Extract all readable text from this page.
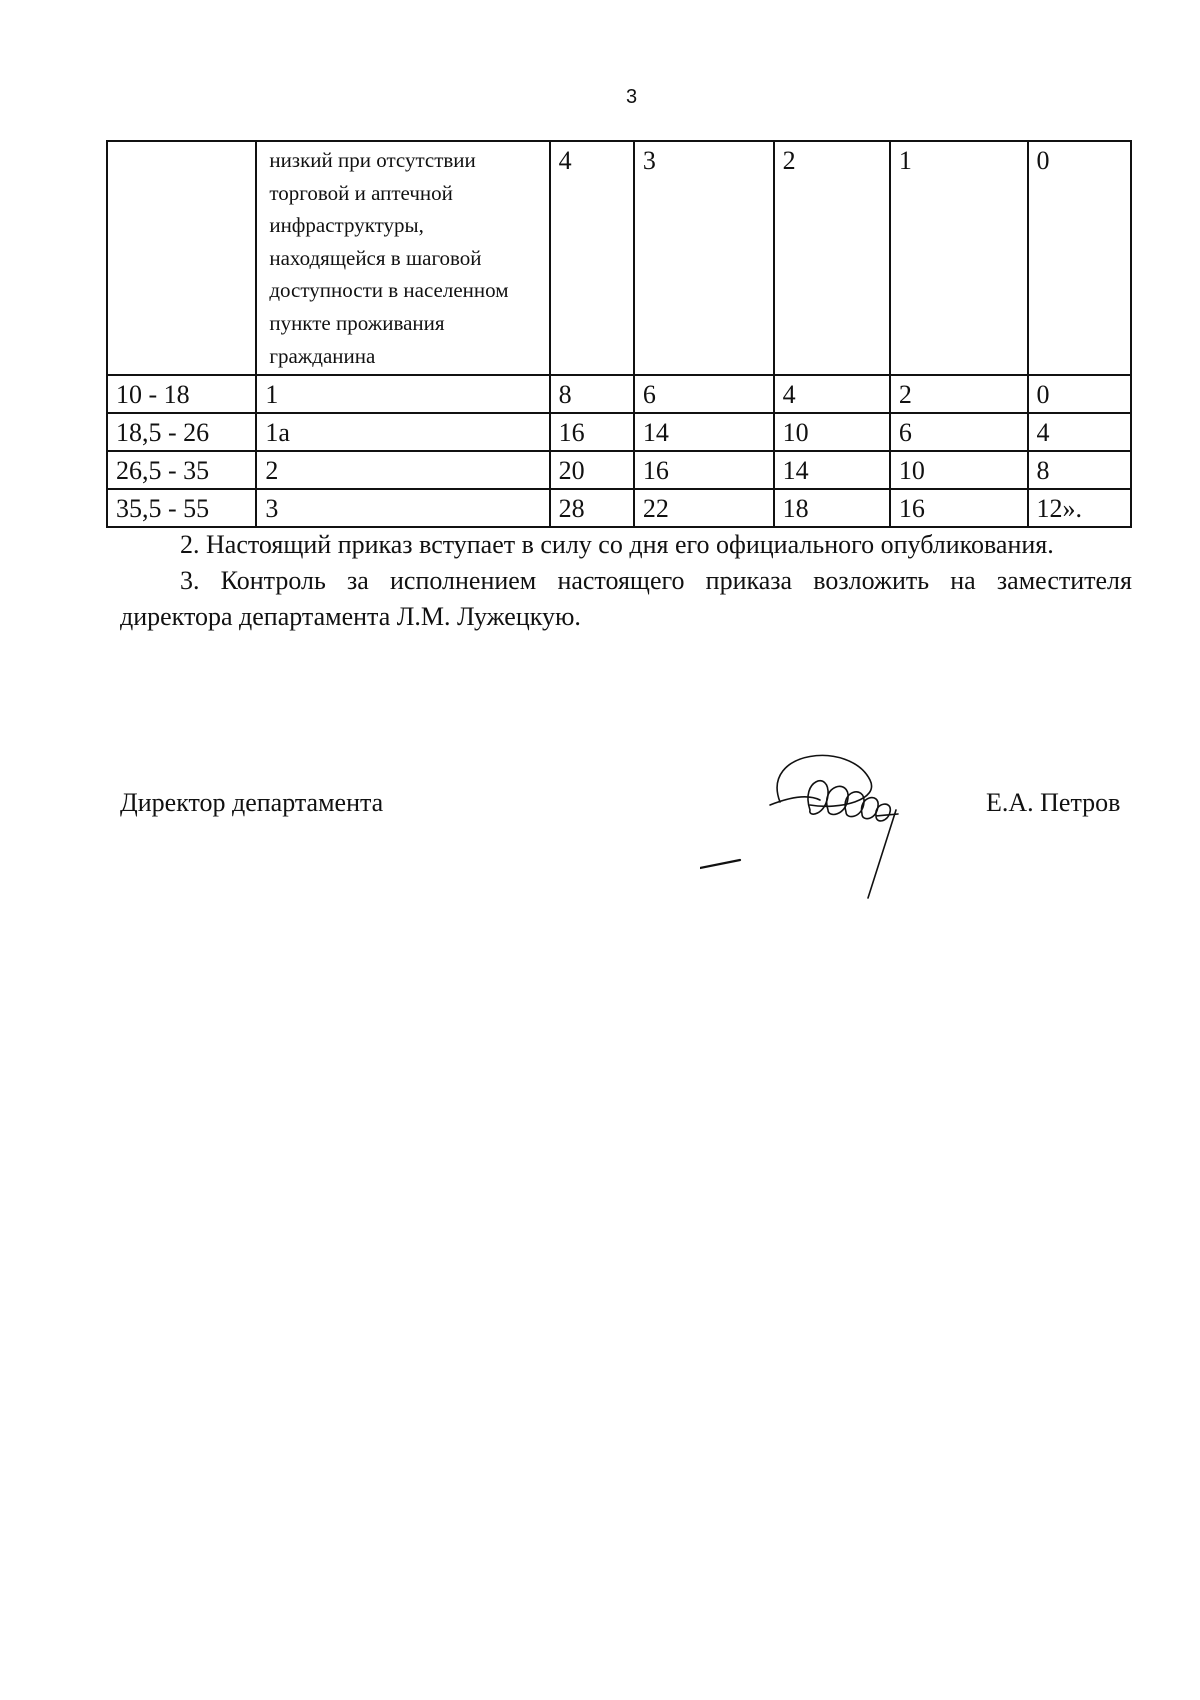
3
	низкий при отсутствии торговой и аптечной инфраструктуры, находящейся в шаговой доступности в населенном пункте проживания гражданина	4	3	2	1	0
10 - 18	1	8	6	4	2	0
18,5 - 26	1а	16	14	10	6	4
26,5 - 35	2	20	16	14	10	8
35,5 - 55	3	28	22	18	16	12».
2. Настоящий приказ вступает в силу со дня его официального опубликования.
3. Контроль за исполнением настоящего приказа возложить на заместителя директора департамента Л.М. Лужецкую.
Директор департамента	Е.А. Петров
